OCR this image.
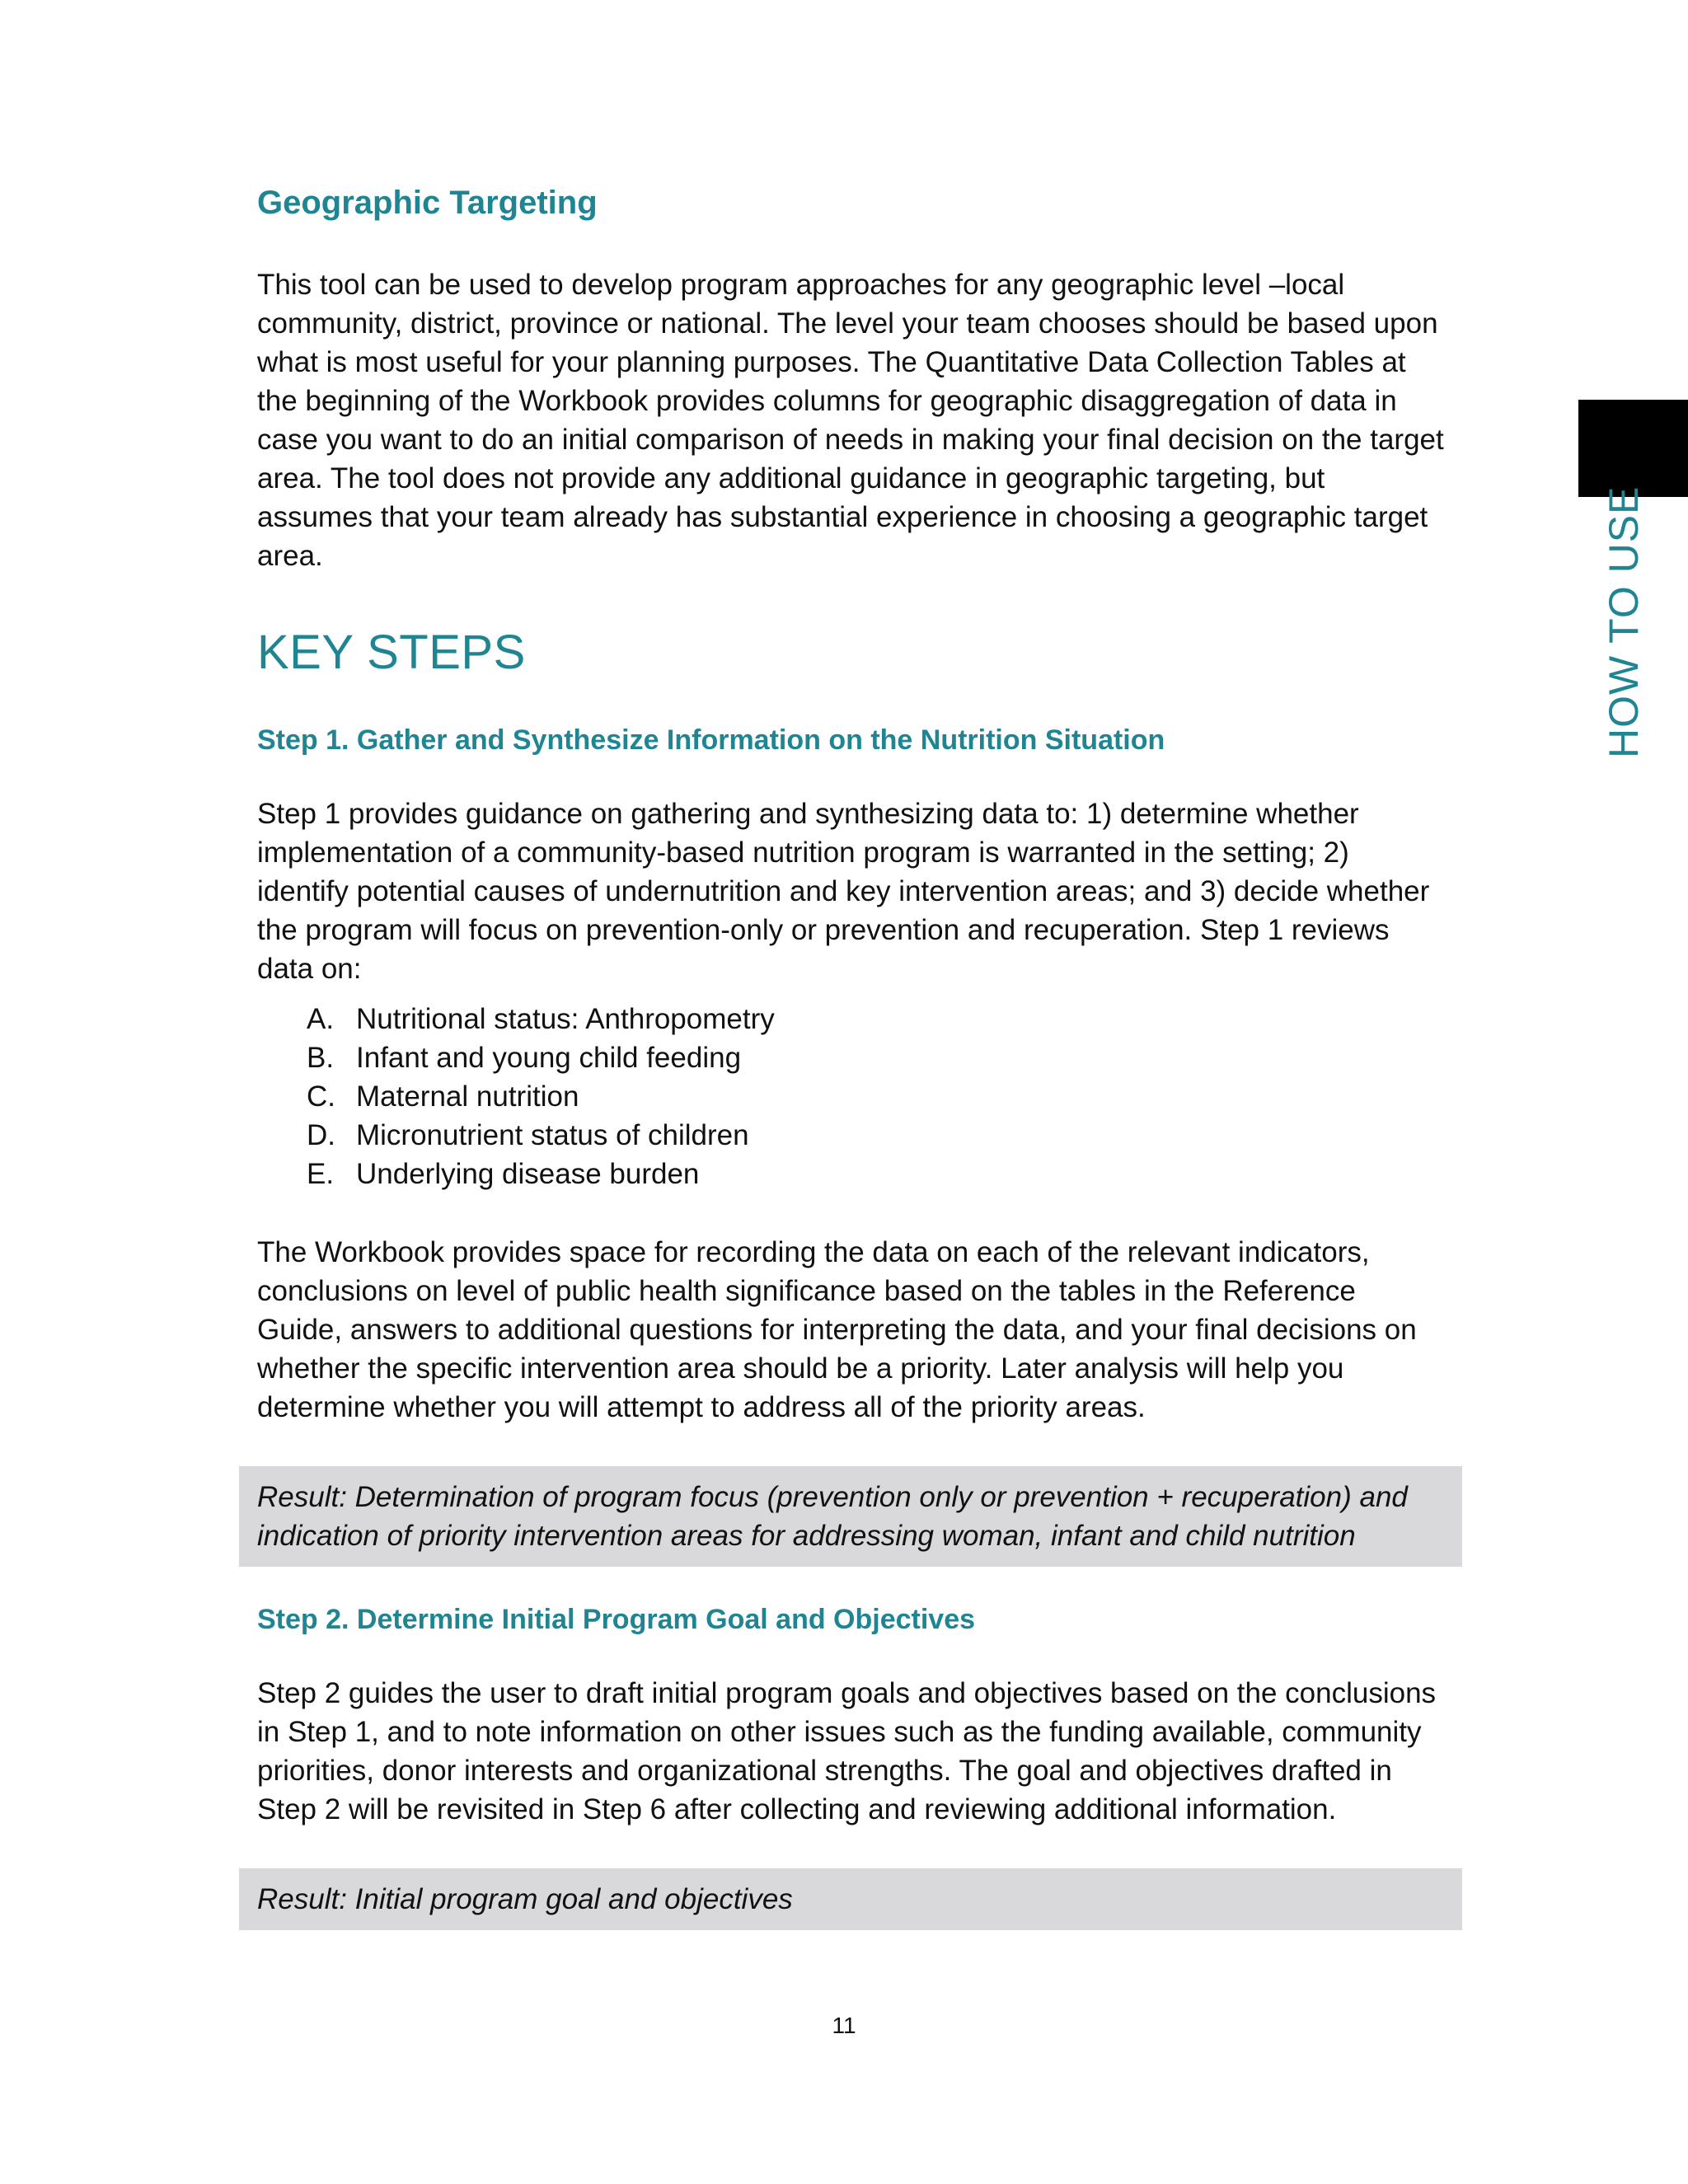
HOW TO USE
Geographic Targeting

This tool can be used to develop program approaches for any geographic level –local community, district, province or national. The level your team chooses should be based upon what is most useful for your planning purposes. The Quantitative Data Collection Tables at the beginning of the Workbook provides columns for geographic disaggregation of data in case you want to do an initial comparison of needs in making your final decision on the target area. The tool does not provide any additional guidance in geographic targeting, but assumes that your team already has substantial experience in choosing a geographic target area.

KEY STEPS
Step 1. Gather and Synthesize Information on the Nutrition Situation

Step 1 provides guidance on gathering and synthesizing data to: 1) determine whether implementation of a community-based nutrition program is warranted in the setting; 2) identify potential causes of undernutrition and key intervention areas; and 3) decide whether the program will focus on prevention-only or prevention and recuperation. Step 1 reviews data on:

A. Nutritional status: Anthropometry
B. Infant and young child feeding
C. Maternal nutrition
D. Micronutrient status of children
E. Underlying disease burden

The Workbook provides space for recording the data on each of the relevant indicators, conclusions on level of public health significance based on the tables in the Reference Guide, answers to additional questions for interpreting the data, and your final decisions on whether the specific intervention area should be a priority. Later analysis will help you determine whether you will attempt to address all of the priority areas.

Result: Determination of program focus (prevention only or prevention + recuperation) and indication of priority intervention areas for addressing woman, infant and child nutrition

Step 2. Determine Initial Program Goal and Objectives

Step 2 guides the user to draft initial program goals and objectives based on the conclusions in Step 1, and to note information on other issues such as the funding available, community priorities, donor interests and organizational strengths. The goal and objectives drafted in Step 2 will be revisited in Step 6 after collecting and reviewing additional information.

Result: Initial program goal and objectives

11
